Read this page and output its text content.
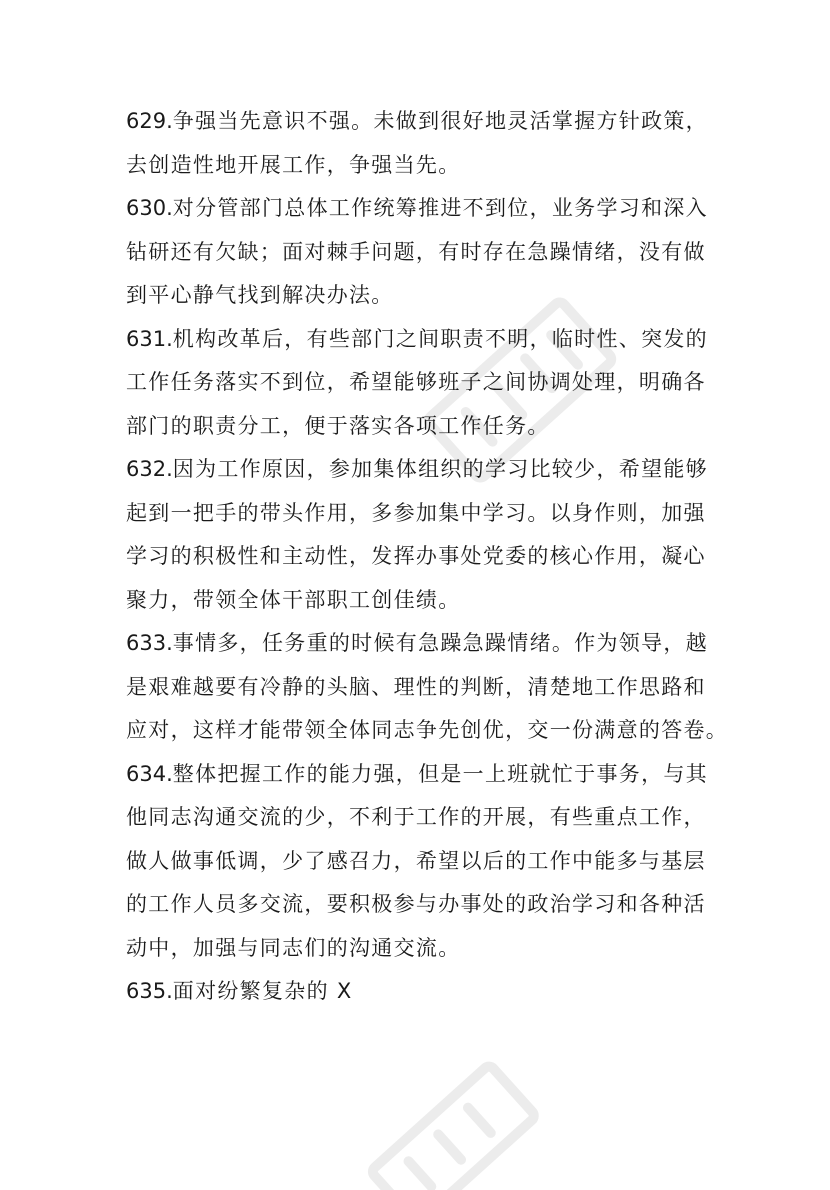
629.争强当先意识不强。未做到很好地灵活掌握方针政策，
去创造性地开展工作，争强当先。
630.对分管部门总体工作统筹推进不到位，业务学习和深入
钻研还有欠缺；面对棘手问题，有时存在急躁情绪，没有做
到平心静气找到解决办法。
631.机构改革后，有些部门之间职责不明，临时性、突发的
工作任务落实不到位，希望能够班子之间协调处理，明确各
部门的职责分工，便于落实各项工作任务。
632.因为工作原因，参加集体组织的学习比较少，希望能够
起到一把手的带头作用，多参加集中学习。以身作则，加强
学习的积极性和主动性，发挥办事处党委的核心作用，凝心
聚力，带领全体干部职工创佳绩。
633.事情多，任务重的时候有急躁急躁情绪。作为领导，越
是艰难越要有冷静的头脑、理性的判断，清楚地工作思路和
应对，这样才能带领全体同志争先创优，交一份满意的答卷。
634.整体把握工作的能力强，但是一上班就忙于事务，与其
他同志沟通交流的少，不利于工作的开展，有些重点工作，
做人做事低调，少了感召力，希望以后的工作中能多与基层
的工作人员多交流，要积极参与办事处的政治学习和各种活
动中，加强与同志们的沟通交流。
635.面对纷繁复杂的 X
